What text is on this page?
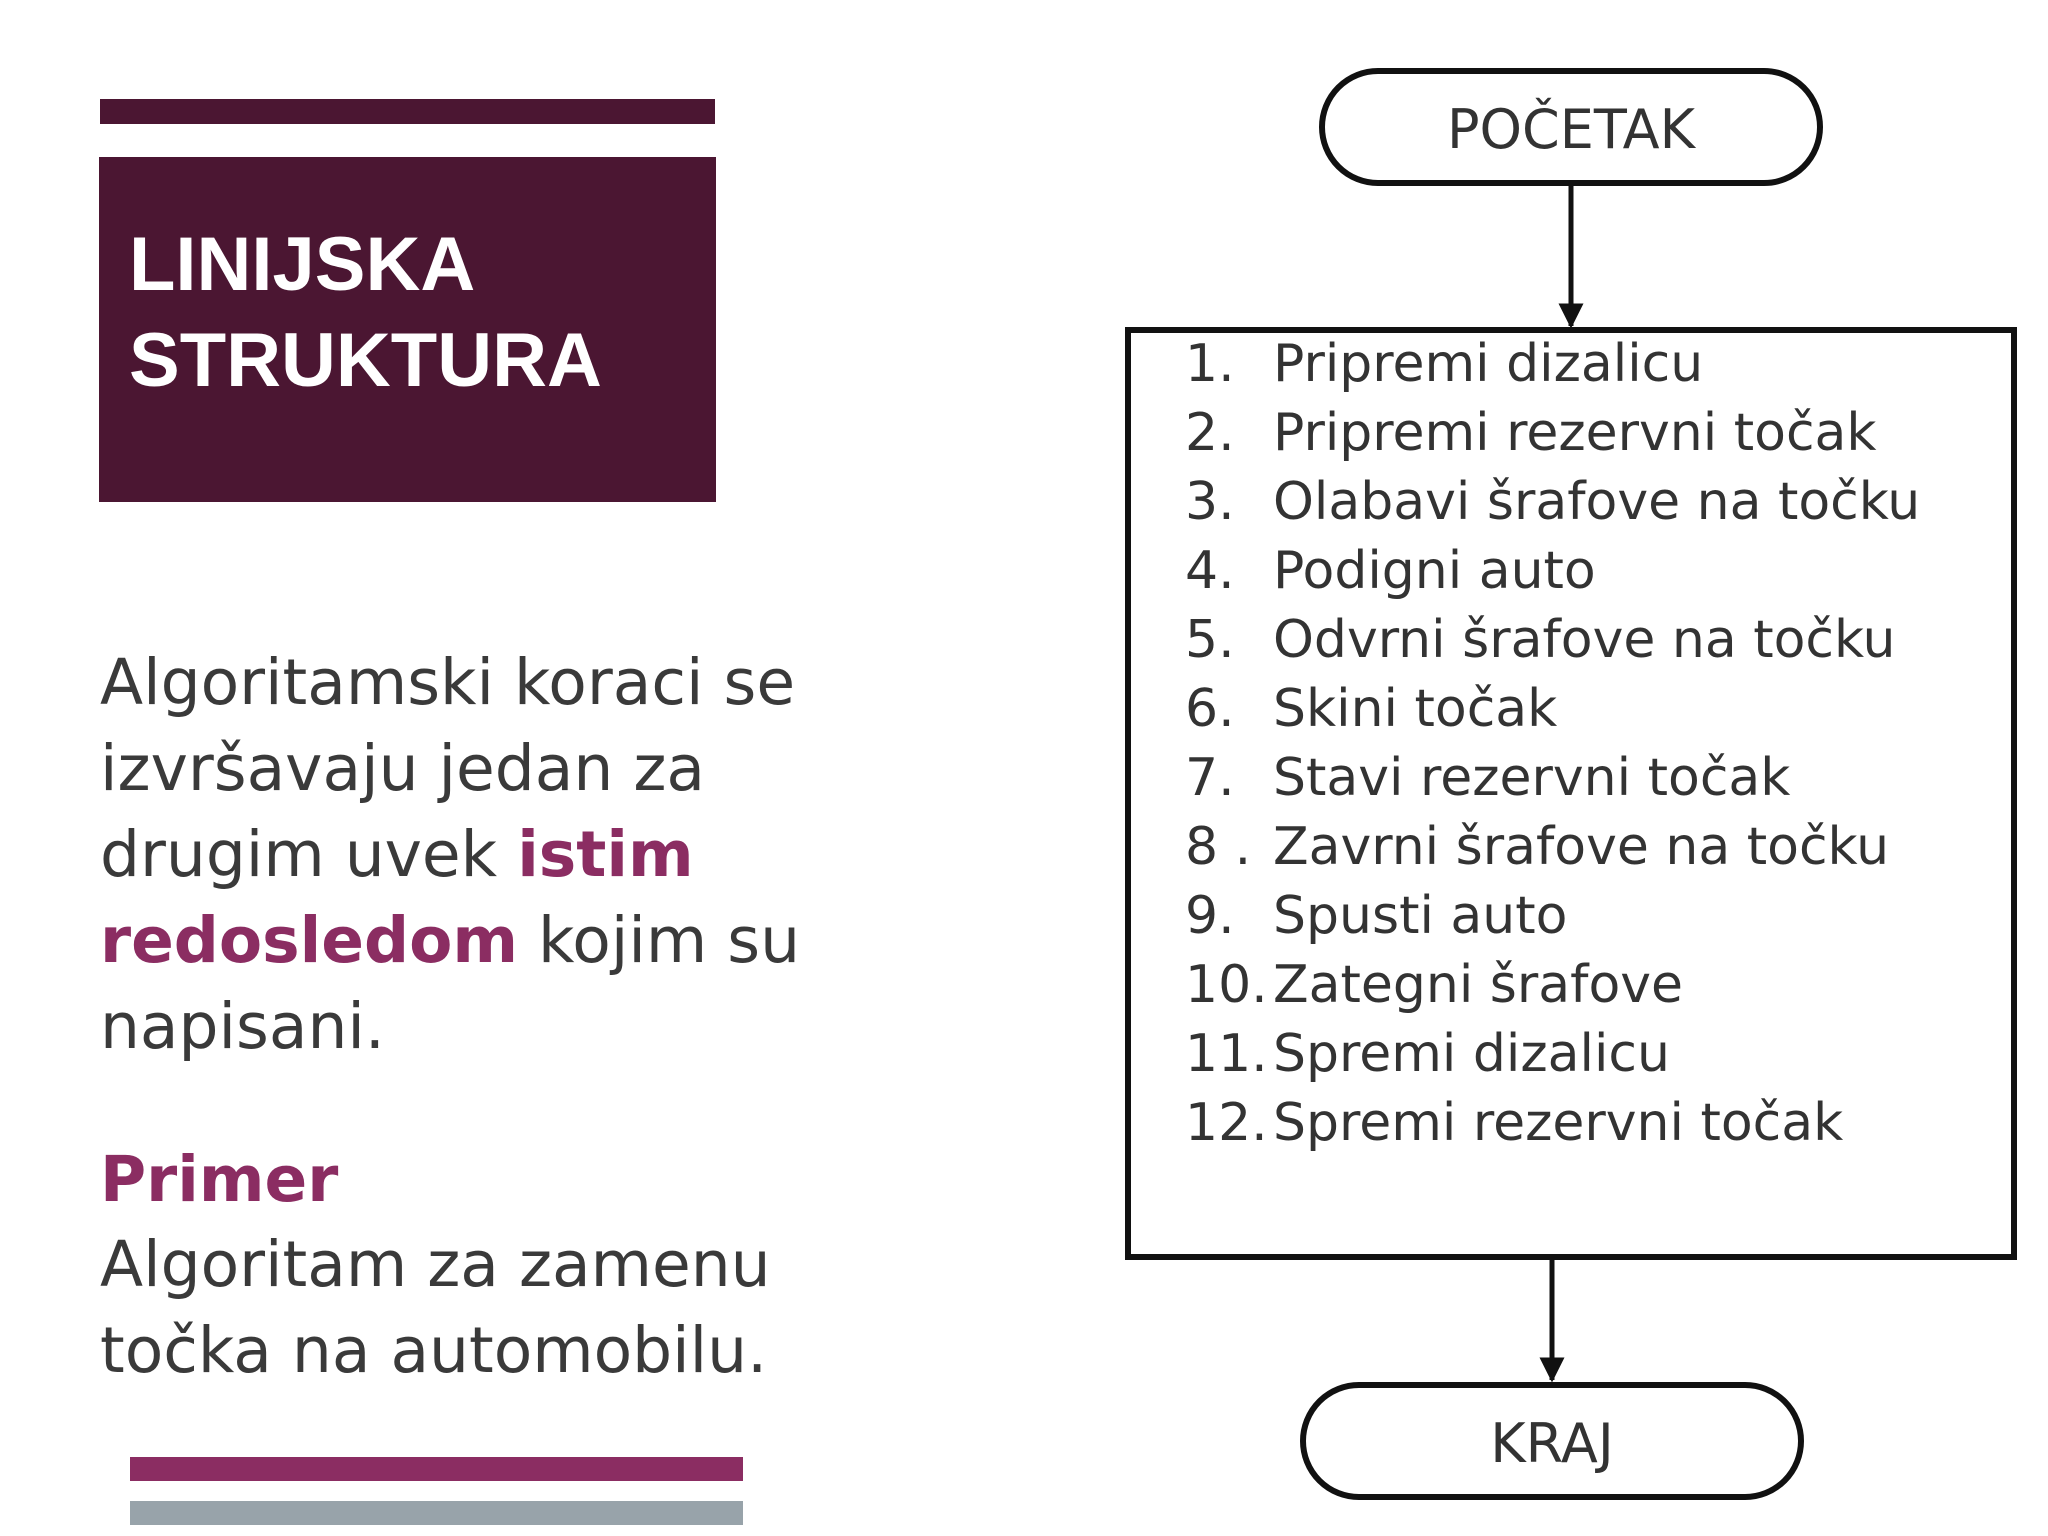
LINIJSKA
STRUKTURA

Algoritamski koraci se izvršavaju jedan za drugim uvek istim redosledom kojim su napisani.

Primer

Algoritam za zamenu točka na automobilu.

POČETAK
KRAJ
1. Pripremi dizalicu
2. Pripremi rezervni točak
3. Olabavi šrafove na točku
4. Podigni auto
5. Odvrni šrafove na točku
6. Skini točak
7. Stavi rezervni točak
8 . Zavrni šrafove na točku
9. Spusti auto
10. Zategni šrafove
11. Spremi dizalicu
12. Spremi rezervni točak
